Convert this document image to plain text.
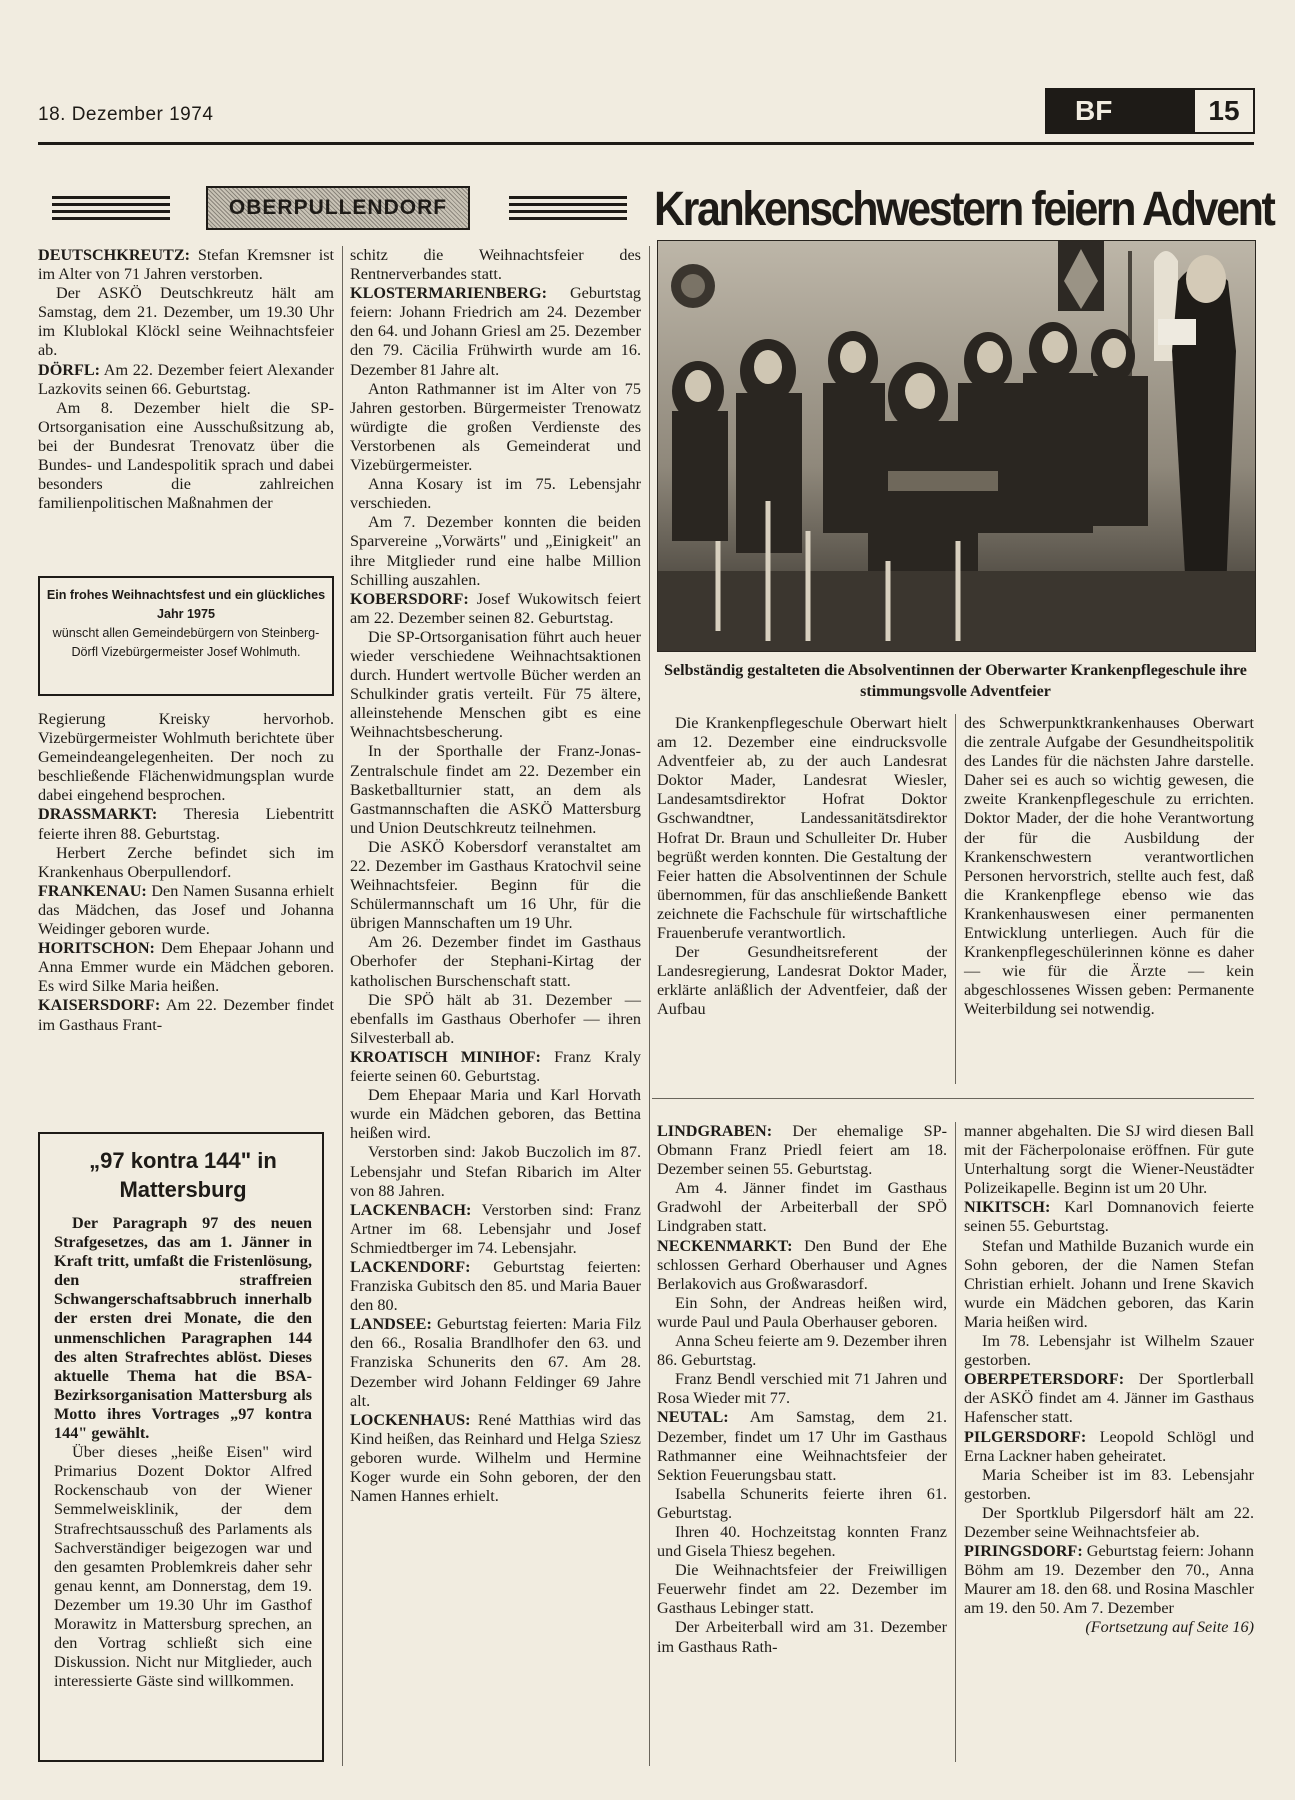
18. Dezember 1974	BF	15
OBERPULLENDORF	Krankenschwestern feiern Advent
Selbständig gestalteten die Absolventinnen der Oberwarter Krankenpflegeschule ihre stimmungsvolle Adventfeier

DEUTSCHKREUTZ: Stefan Kremsner ist im Alter von 71 Jahren verstorben.

Der ASKÖ Deutschkreutz hält am Samstag, dem 21. Dezember, um 19.30 Uhr im Klublokal Klöckl seine Weihnachtsfeier ab.

DÖRFL: Am 22. Dezember feiert Alexander Lazkovits seinen 66. Geburtstag.

Am 8. Dezember hielt die SP-Ortsorganisation eine Ausschußsitzung ab, bei der Bundesrat Trenovatz über die Bundes- und Landespolitik sprach und dabei besonders die zahlreichen familienpolitischen Maßnahmen der

Ein frohes Weihnachtsfest und ein glückliches Jahr 1975
wünscht allen Gemeindebürgern von Steinberg-Dörfl Vizebürgermeister Josef Wohlmuth.

Regierung Kreisky hervorhob. Vizebürgermeister Wohlmuth berichtete über Gemeindeangelegenheiten. Der noch zu beschließende Flächenwidmungsplan wurde dabei eingehend besprochen.

DRASSMARKT: Theresia Liebentritt feierte ihren 88. Geburtstag.

Herbert Zerche befindet sich im Krankenhaus Oberpullendorf.

FRANKENAU: Den Namen Susanna erhielt das Mädchen, das Josef und Johanna Weidinger geboren wurde.

HORITSCHON: Dem Ehepaar Johann und Anna Emmer wurde ein Mädchen geboren. Es wird Silke Maria heißen.

KAISERSDORF: Am 22. Dezember findet im Gasthaus Frant-

„97 kontra 144" in Mattersburg

Der Paragraph 97 des neuen Strafgesetzes, das am 1. Jänner in Kraft tritt, umfaßt die Fristenlösung, den straffreien Schwangerschaftsabbruch innerhalb der ersten drei Monate, die den unmenschlichen Paragraphen 144 des alten Strafrechtes ablöst. Dieses aktuelle Thema hat die BSA-Bezirksorganisation Mattersburg als Motto ihres Vortrages „97 kontra 144" gewählt.

Über dieses „heiße Eisen" wird Primarius Dozent Doktor Alfred Rockenschaub von der Wiener Semmelweisklinik, der dem Strafrechtsausschuß des Parlaments als Sachverständiger beigezogen war und den gesamten Problemkreis daher sehr genau kennt, am Donnerstag, dem 19. Dezember um 19.30 Uhr im Gasthof Morawitz in Mattersburg sprechen, an den Vortrag schließt sich eine Diskussion. Nicht nur Mitglieder, auch interessierte Gäste sind willkommen.

schitz die Weihnachtsfeier des Rentnerverbandes statt.

KLOSTERMARIENBERG: Geburtstag feiern: Johann Friedrich am 24. Dezember den 64. und Johann Griesl am 25. Dezember den 79. Cäcilia Frühwirth wurde am 16. Dezember 81 Jahre alt.

Anton Rathmanner ist im Alter von 75 Jahren gestorben. Bürgermeister Trenowatz würdigte die großen Verdienste des Verstorbenen als Gemeinderat und Vizebürgermeister.

Anna Kosary ist im 75. Lebensjahr verschieden.

Am 7. Dezember konnten die beiden Sparvereine „Vorwärts" und „Einigkeit" an ihre Mitglieder rund eine halbe Million Schilling auszahlen.

KOBERSDORF: Josef Wukowitsch feiert am 22. Dezember seinen 82. Geburtstag.

Die SP-Ortsorganisation führt auch heuer wieder verschiedene Weihnachtsaktionen durch. Hundert wertvolle Bücher werden an Schulkinder gratis verteilt. Für 75 ältere, alleinstehende Menschen gibt es eine Weihnachtsbescherung.

In der Sporthalle der Franz-Jonas-Zentralschule findet am 22. Dezember ein Basketballturnier statt, an dem als Gastmannschaften die ASKÖ Mattersburg und Union Deutschkreutz teilnehmen.

Die ASKÖ Kobersdorf veranstaltet am 22. Dezember im Gasthaus Kratochvil seine Weihnachtsfeier. Beginn für die Schülermannschaft um 16 Uhr, für die übrigen Mannschaften um 19 Uhr.

Am 26. Dezember findet im Gasthaus Oberhofer der Stephani-Kirtag der katholischen Burschenschaft statt.

Die SPÖ hält ab 31. Dezember — ebenfalls im Gasthaus Oberhofer — ihren Silvesterball ab.

KROATISCH MINIHOF: Franz Kraly feierte seinen 60. Geburtstag.

Dem Ehepaar Maria und Karl Horvath wurde ein Mädchen geboren, das Bettina heißen wird.

Verstorben sind: Jakob Buczolich im 87. Lebensjahr und Stefan Ribarich im Alter von 88 Jahren.

LACKENBACH: Verstorben sind: Franz Artner im 68. Lebensjahr und Josef Schmiedtberger im 74. Lebensjahr.

LACKENDORF: Geburtstag feierten: Franziska Gubitsch den 85. und Maria Bauer den 80.

LANDSEE: Geburtstag feierten: Maria Filz den 66., Rosalia Brandlhofer den 63. und Franziska Schunerits den 67. Am 28. Dezember wird Johann Feldinger 69 Jahre alt.

LOCKENHAUS: René Matthias wird das Kind heißen, das Reinhard und Helga Sziesz geboren wurde. Wilhelm und Hermine Koger wurde ein Sohn geboren, der den Namen Hannes erhielt.

Die Krankenpflegeschule Oberwart hielt am 12. Dezember eine eindrucksvolle Adventfeier ab, zu der auch Landesrat Doktor Mader, Landesrat Wiesler, Landesamtsdirektor Hofrat Doktor Gschwandtner, Landessanitätsdirektor Hofrat Dr. Braun und Schulleiter Dr. Huber begrüßt werden konnten. Die Gestaltung der Feier hatten die Absolventinnen der Schule übernommen, für das anschließende Bankett zeichnete die Fachschule für wirtschaftliche Frauenberufe verantwortlich.

Der Gesundheitsreferent der Landesregierung, Landesrat Doktor Mader, erklärte anläßlich der Adventfeier, daß der Aufbau

des Schwerpunktkrankenhauses Oberwart die zentrale Aufgabe der Gesundheitspolitik des Landes für die nächsten Jahre darstelle. Daher sei es auch so wichtig gewesen, die zweite Krankenpflegeschule zu errichten. Doktor Mader, der die hohe Verantwortung der für die Ausbildung der Krankenschwestern verantwortlichen Personen hervorstrich, stellte auch fest, daß die Krankenpflege ebenso wie das Krankenhauswesen einer permanenten Entwicklung unterliegen. Auch für die Krankenpflegeschülerinnen könne es daher — wie für die Ärzte — kein abgeschlossenes Wissen geben: Permanente Weiterbildung sei notwendig.

LINDGRABEN: Der ehemalige SP-Obmann Franz Priedl feiert am 18. Dezember seinen 55. Geburtstag.

Am 4. Jänner findet im Gasthaus Gradwohl der Arbeiterball der SPÖ Lindgraben statt.

NECKENMARKT: Den Bund der Ehe schlossen Gerhard Oberhauser und Agnes Berlakovich aus Großwarasdorf.

Ein Sohn, der Andreas heißen wird, wurde Paul und Paula Oberhauser geboren.

Anna Scheu feierte am 9. Dezember ihren 86. Geburtstag.

Franz Bendl verschied mit 71 Jahren und Rosa Wieder mit 77.

NEUTAL: Am Samstag, dem 21. Dezember, findet um 17 Uhr im Gasthaus Rathmanner eine Weihnachtsfeier der Sektion Feuerungsbau statt.

Isabella Schunerits feierte ihren 61. Geburtstag.

Ihren 40. Hochzeitstag konnten Franz und Gisela Thiesz begehen.

Die Weihnachtsfeier der Freiwilligen Feuerwehr findet am 22. Dezember im Gasthaus Lebinger statt.

Der Arbeiterball wird am 31. Dezember im Gasthaus Rath-

manner abgehalten. Die SJ wird diesen Ball mit der Fächerpolonaise eröffnen. Für gute Unterhaltung sorgt die Wiener-Neustädter Polizeikapelle. Beginn ist um 20 Uhr.

NIKITSCH: Karl Domnanovich feierte seinen 55. Geburtstag.

Stefan und Mathilde Buzanich wurde ein Sohn geboren, der die Namen Stefan Christian erhielt. Johann und Irene Skavich wurde ein Mädchen geboren, das Karin Maria heißen wird.

Im 78. Lebensjahr ist Wilhelm Szauer gestorben.

OBERPETERSDORF: Der Sportlerball der ASKÖ findet am 4. Jänner im Gasthaus Hafenscher statt.

PILGERSDORF: Leopold Schlögl und Erna Lackner haben geheiratet.

Maria Scheiber ist im 83. Lebensjahr gestorben.

Der Sportklub Pilgersdorf hält am 22. Dezember seine Weihnachtsfeier ab.

PIRINGSDORF: Geburtstag feiern: Johann Böhm am 19. Dezember den 70., Anna Maurer am 18. den 68. und Rosina Maschler am 19. den 50. Am 7. Dezember

(Fortsetzung auf Seite 16)
